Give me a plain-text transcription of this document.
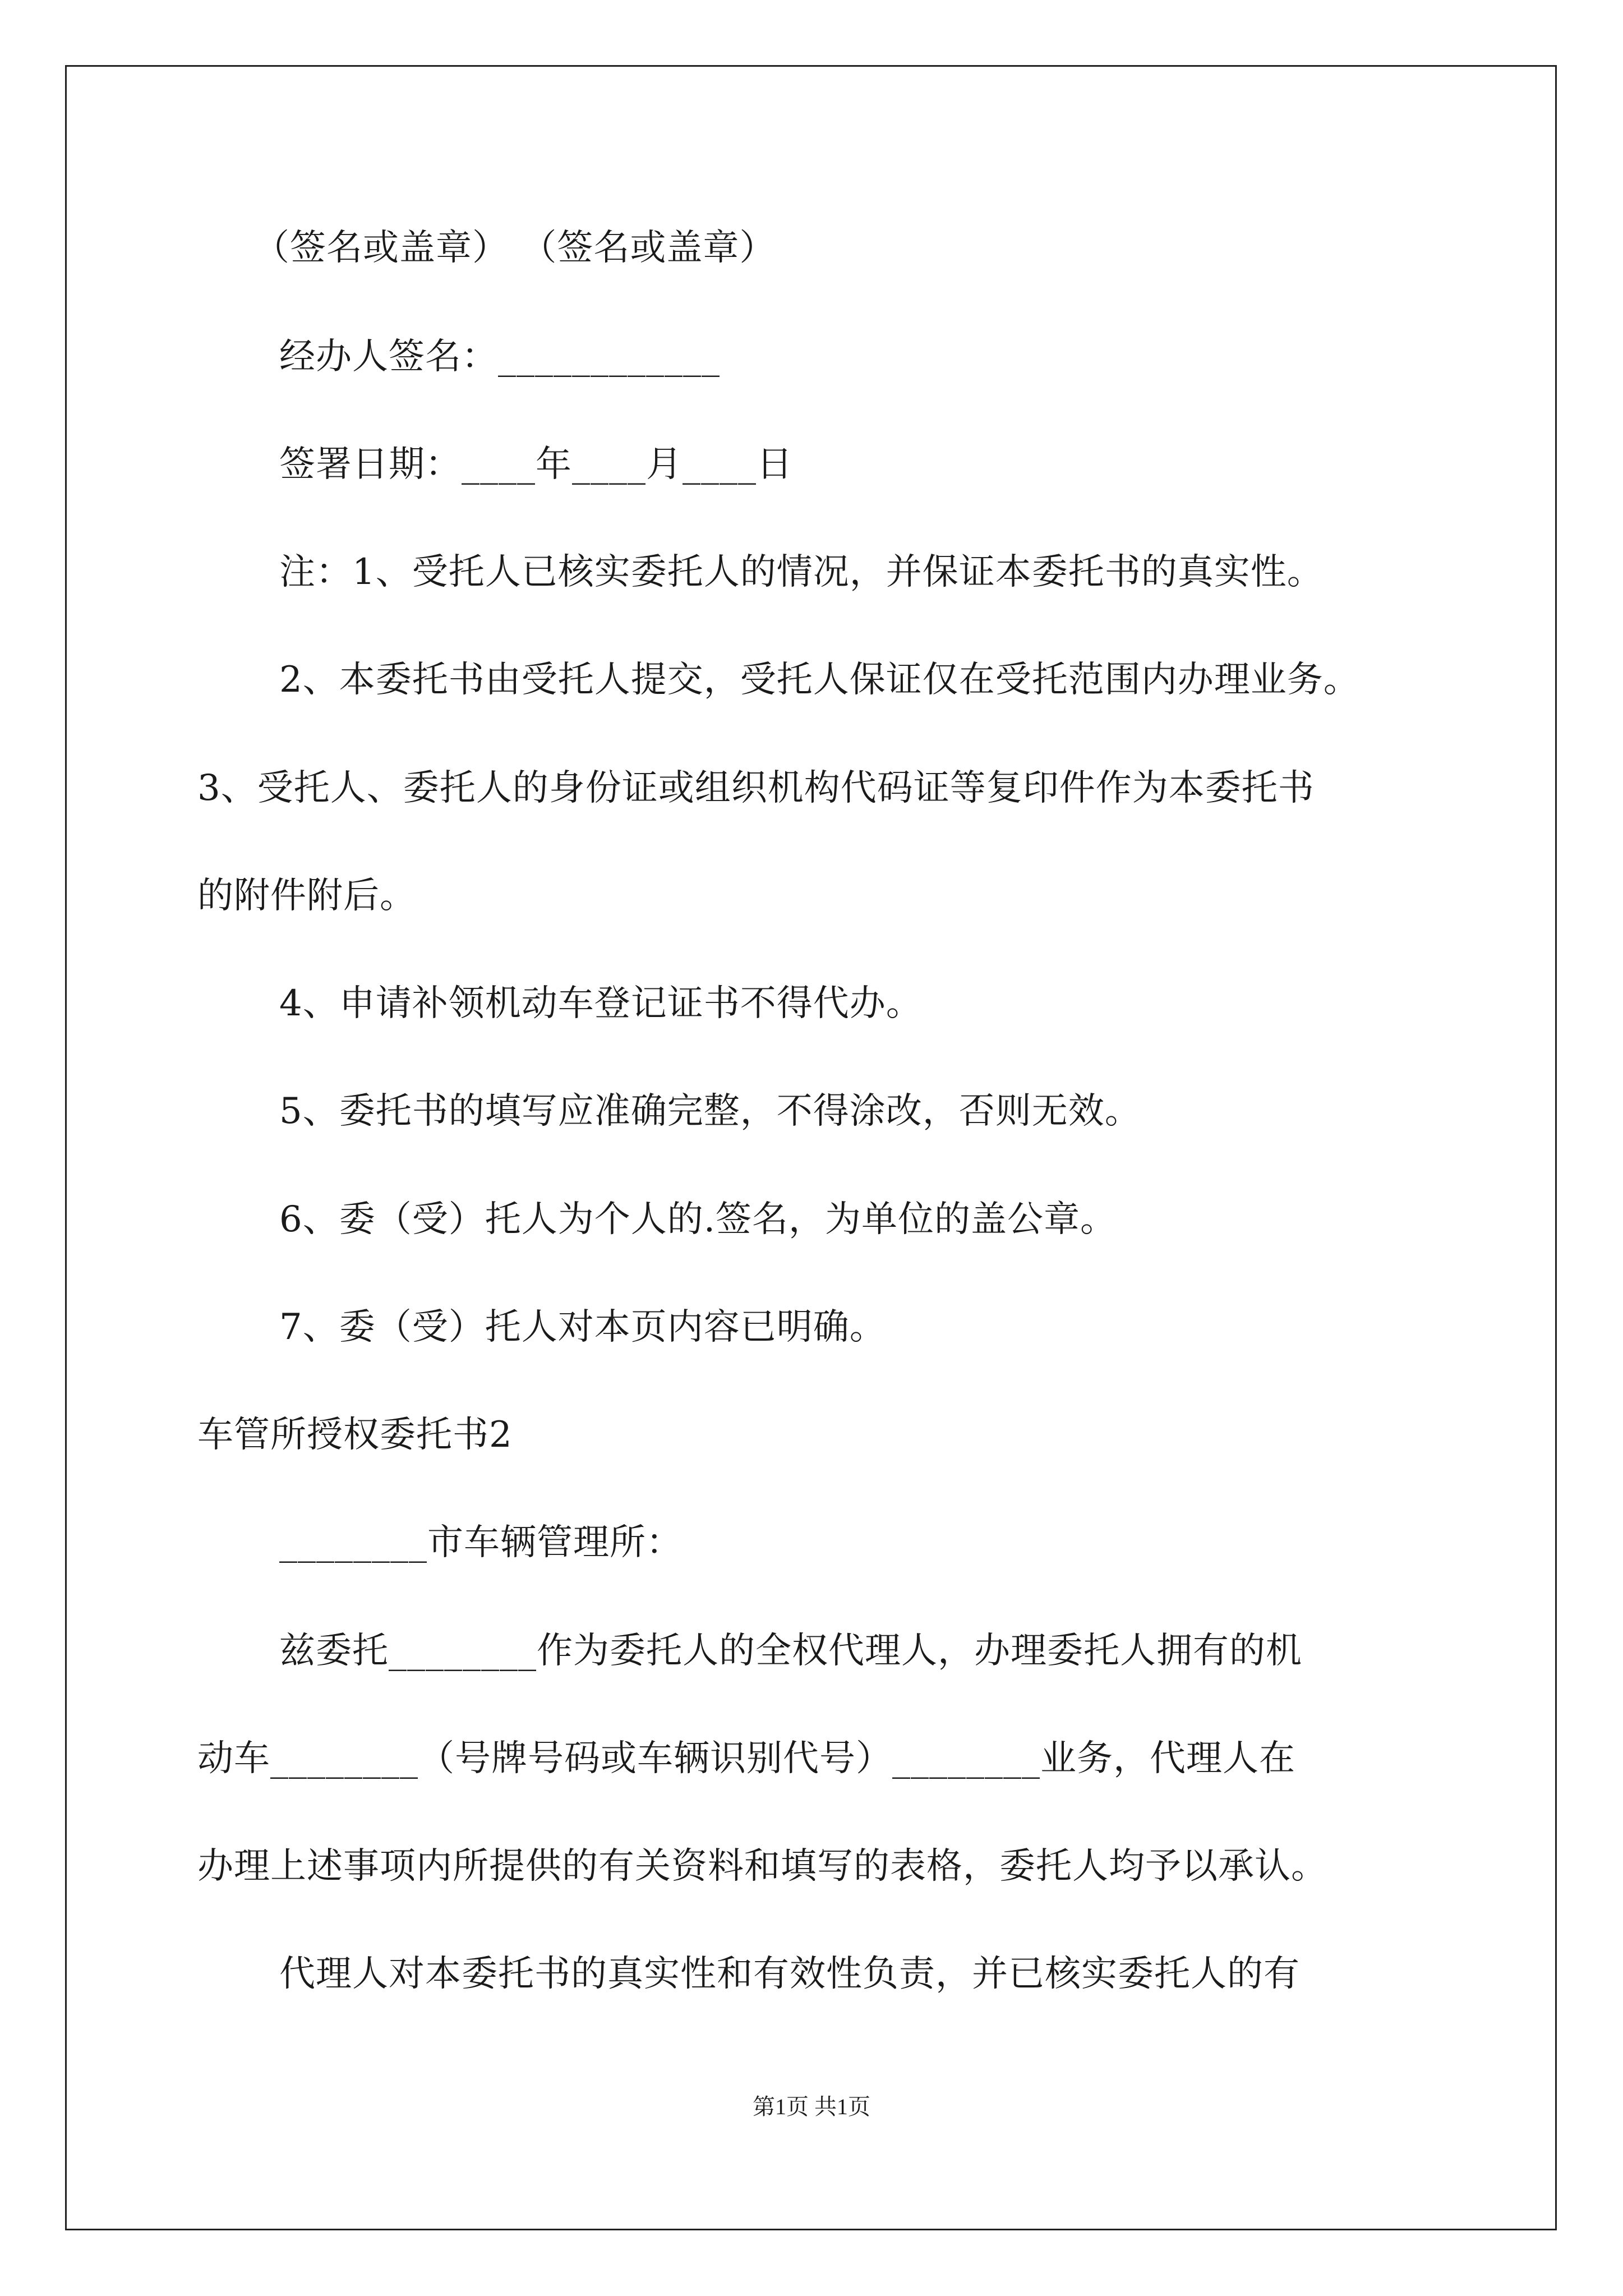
（签名或盖章） （签名或盖章）
经办人签名：____________
签署日期：____年____月____日
注：1、受托人已核实委托人的情况，并保证本委托书的真实性。
2、本委托书由受托人提交，受托人保证仅在受托范围内办理业务。
3、受托人、委托人的身份证或组织机构代码证等复印件作为本委托书
的附件附后。
4、申请补领机动车登记证书不得代办。
5、委托书的填写应准确完整，不得涂改，否则无效。
6、委（受）托人为个人的.签名，为单位的盖公章。
7、委（受）托人对本页内容已明确。
车管所授权委托书2
________市车辆管理所：
兹委托________作为委托人的全权代理人，办理委托人拥有的机
动车________（号牌号码或车辆识别代号）________业务，代理人在
办理上述事项内所提供的有关资料和填写的表格，委托人均予以承认。
代理人对本委托书的真实性和有效性负责，并已核实委托人的有
第1页 共1页
